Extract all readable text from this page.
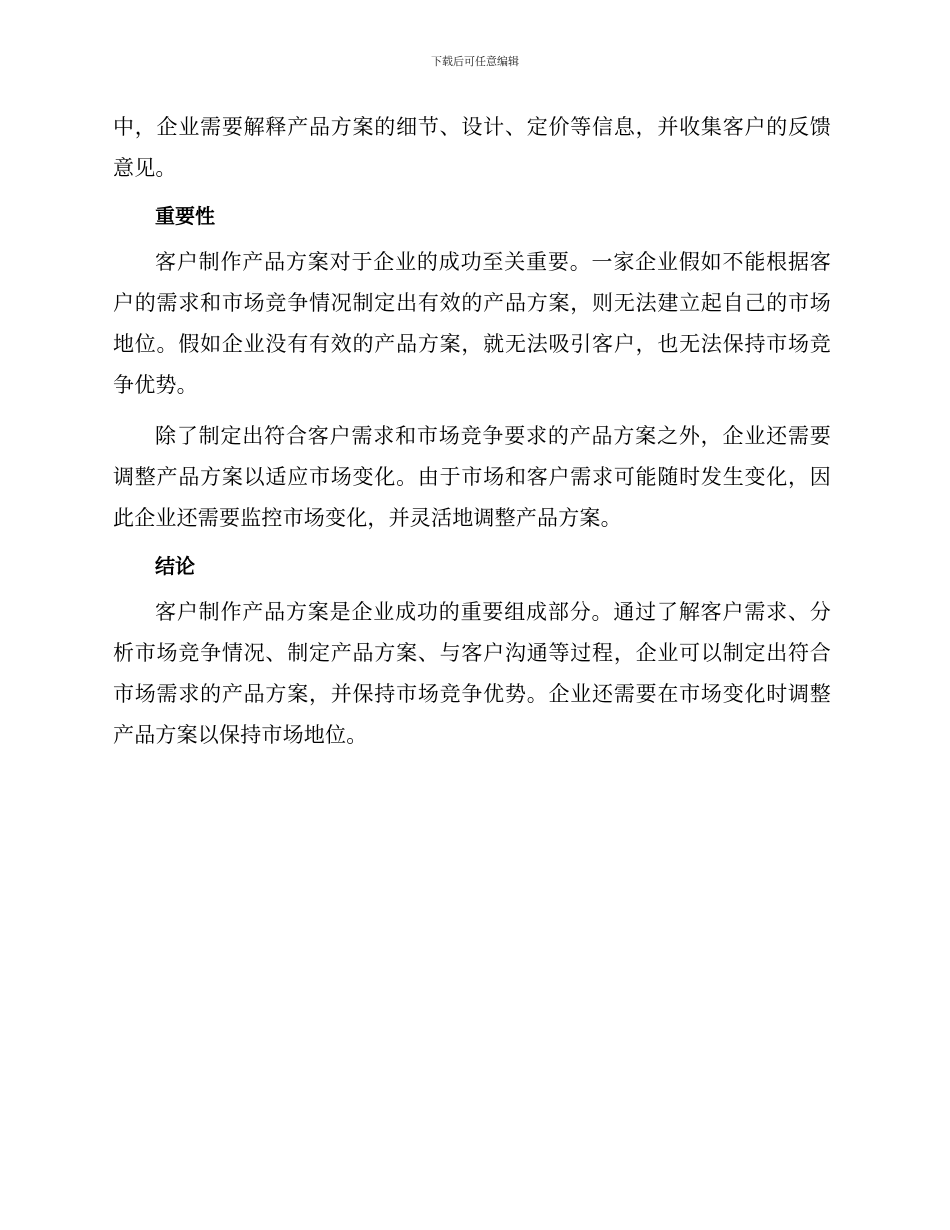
下载后可任意编辑

中，企业需要解释产品方案的细节、设计、定价等信息，并收集客户的反馈意见。

重要性

客户制作产品方案对于企业的成功至关重要。一家企业假如不能根据客户的需求和市场竞争情况制定出有效的产品方案，则无法建立起自己的市场地位。假如企业没有有效的产品方案，就无法吸引客户，也无法保持市场竞争优势。

除了制定出符合客户需求和市场竞争要求的产品方案之外，企业还需要调整产品方案以适应市场变化。由于市场和客户需求可能随时发生变化，因此企业还需要监控市场变化，并灵活地调整产品方案。

结论

客户制作产品方案是企业成功的重要组成部分。通过了解客户需求、分析市场竞争情况、制定产品方案、与客户沟通等过程，企业可以制定出符合市场需求的产品方案，并保持市场竞争优势。企业还需要在市场变化时调整产品方案以保持市场地位。
